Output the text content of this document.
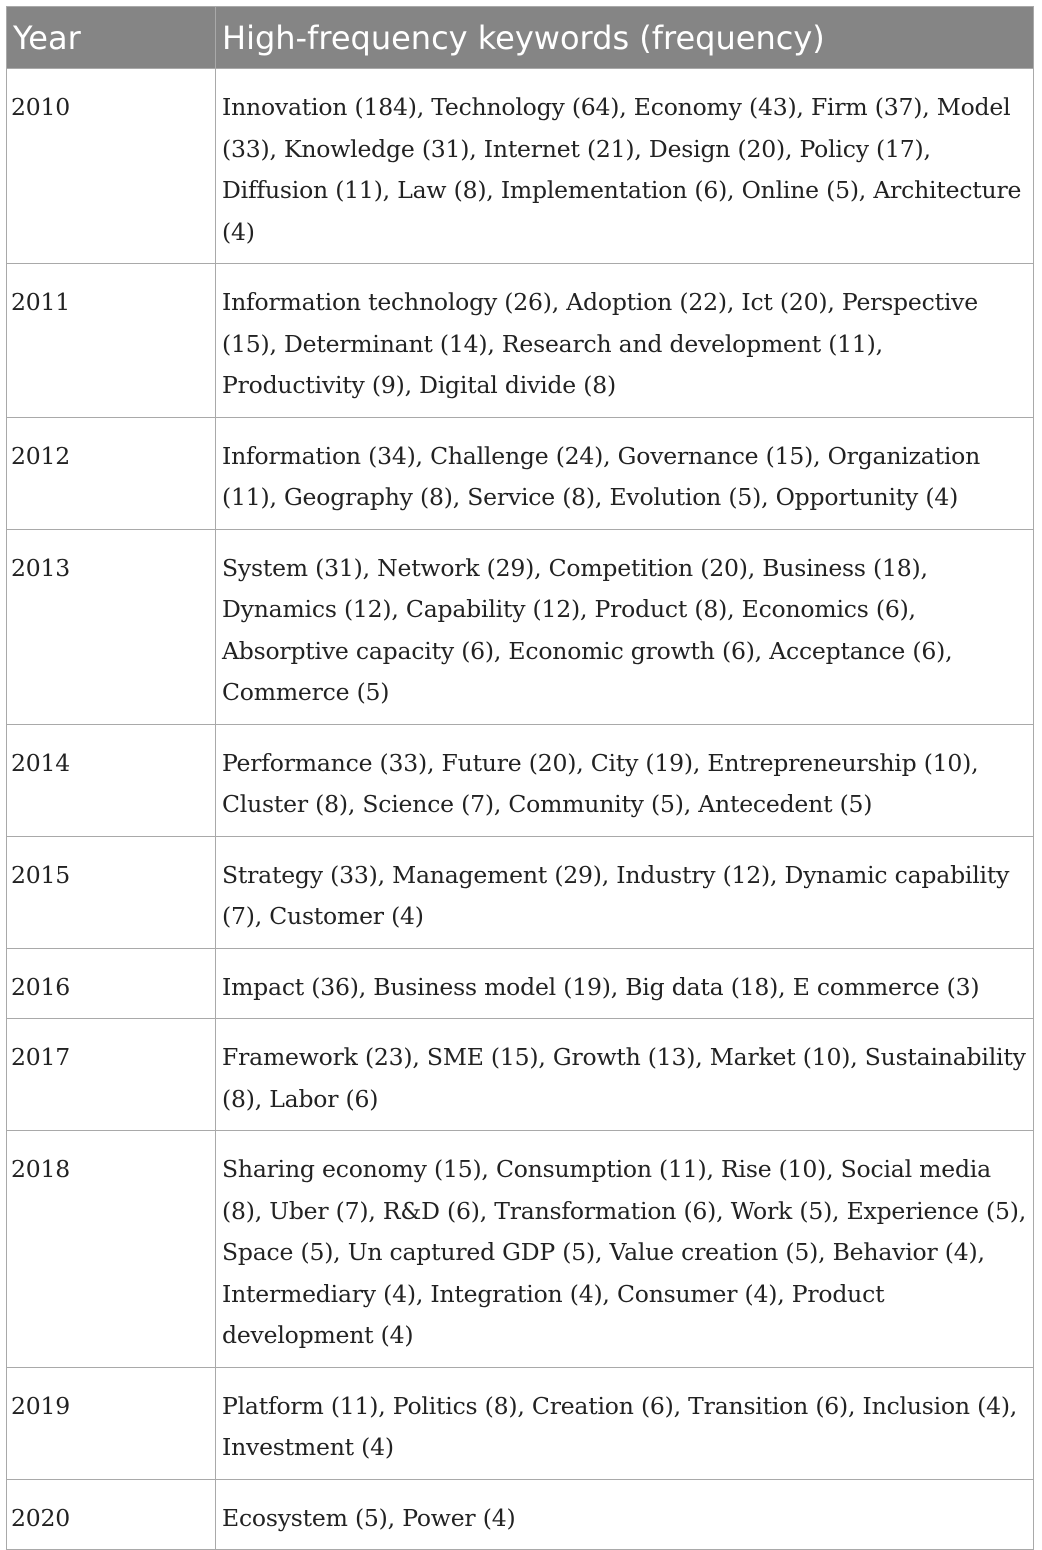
Year	High-frequency keywords (frequency)
2010	Innovation (184), Technology (64), Economy (43), Firm (37), Model (33), Knowledge (31), Internet (21), Design (20), Policy (17), Diffusion (11), Law (8), Implementation (6), Online (5), Architecture (4)
2011	Information technology (26), Adoption (22), Ict (20), Perspective (15), Determinant (14), Research and development (11), Productivity (9), Digital divide (8)
2012	Information (34), Challenge (24), Governance (15), Organization (11), Geography (8), Service (8), Evolution (5), Opportunity (4)
2013	System (31), Network (29), Competition (20), Business (18), Dynamics (12), Capability (12), Product (8), Economics (6), Absorptive capacity (6), Economic growth (6), Acceptance (6), Commerce (5)
2014	Performance (33), Future (20), City (19), Entrepreneurship (10), Cluster (8), Science (7), Community (5), Antecedent (5)
2015	Strategy (33), Management (29), Industry (12), Dynamic capability (7), Customer (4)
2016	Impact (36), Business model (19), Big data (18), E commerce (3)
2017	Framework (23), SME (15), Growth (13), Market (10), Sustainability (8), Labor (6)
2018	Sharing economy (15), Consumption (11), Rise (10), Social media (8), Uber (7), R&D (6), Transformation (6), Work (5), Experience (5), Space (5), Un captured GDP (5), Value creation (5), Behavior (4), Intermediary (4), Integration (4), Consumer (4), Product development (4)
2019	Platform (11), Politics (8), Creation (6), Transition (6), Inclusion (4), Investment (4)
2020	Ecosystem (5), Power (4)
